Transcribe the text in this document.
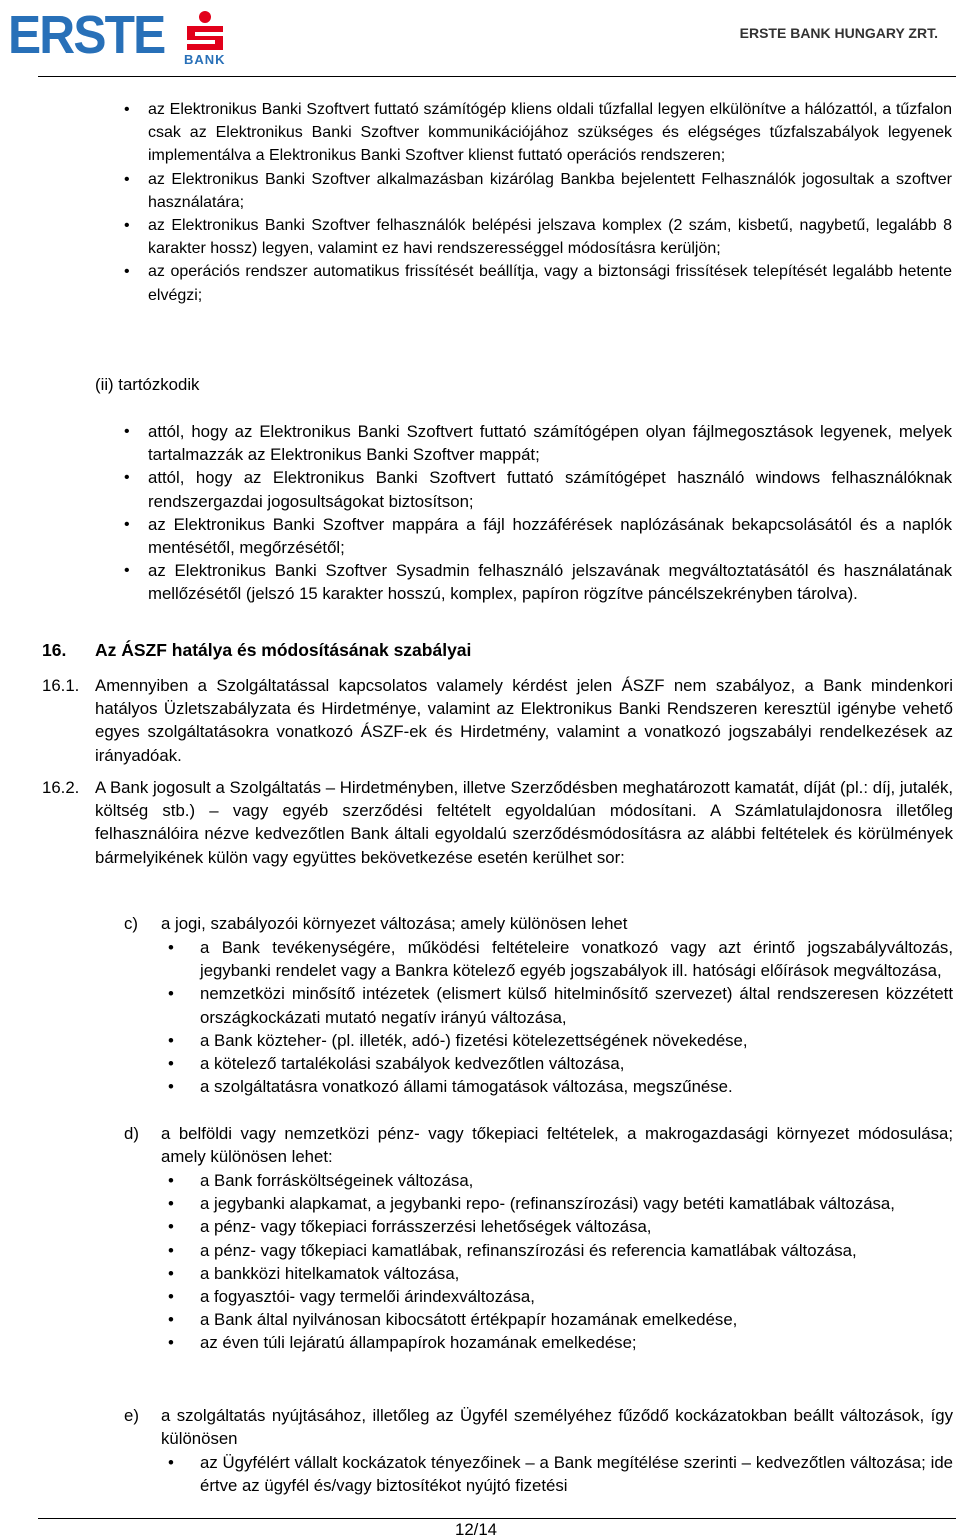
ERSTE BANK
ERSTE BANK HUNGARY ZRT.
• az Elektronikus Banki Szoftvert futtató számítógép kliens oldali tűzfallal legyen elkülönítve a hálózattól, a tűzfalon csak az Elektronikus Banki Szoftver kommunikációjához szükséges és elégséges tűzfalszabályok legyenek implementálva a Elektronikus Banki Szoftver klienst futtató operációs rendszeren;
• az Elektronikus Banki Szoftver alkalmazásban kizárólag Bankba bejelentett Felhasználók jogosultak a szoftver használatára;
• az Elektronikus Banki Szoftver felhasználók belépési jelszava komplex (2 szám, kisbetű, nagybetű, legalább 8 karakter hossz) legyen, valamint ez havi rendszerességgel módosításra kerüljön;
• az operációs rendszer automatikus frissítését beállítja, vagy a biztonsági frissítések telepítését legalább hetente elvégzi;
(ii) tartózkodik
• attól, hogy az Elektronikus Banki Szoftvert futtató számítógépen olyan fájlmegosztások legyenek, melyek tartalmazzák az Elektronikus Banki Szoftver mappát;
• attól, hogy az Elektronikus Banki Szoftvert futtató számítógépet használó windows felhasználóknak rendszergazdai jogosultságokat biztosítson;
• az Elektronikus Banki Szoftver mappára a fájl hozzáférések naplózásának bekapcsolásától és a naplók mentésétől, megőrzésétől;
• az Elektronikus Banki Szoftver Sysadmin felhasználó jelszavának megváltoztatásától és használatának mellőzésétől (jelszó 15 karakter hosszú, komplex, papíron rögzítve páncélszekrényben tárolva).
16. Az ÁSZF hatálya és módosításának szabályai
16.1. Amennyiben a Szolgáltatással kapcsolatos valamely kérdést jelen ÁSZF nem szabályoz, a Bank mindenkori hatályos Üzletszabályzata és Hirdetménye, valamint az Elektronikus Banki Rendszeren keresztül igénybe vehető egyes szolgáltatásokra vonatkozó ÁSZF-ek és Hirdetmény, valamint a vonatkozó jogszabályi rendelkezések az irányadóak.
16.2. A Bank jogosult a Szolgáltatás – Hirdetményben, illetve Szerződésben meghatározott kamatát, díját (pl.: díj, jutalék, költség stb.) – vagy egyéb szerződési feltételt egyoldalúan módosítani. A Számlatulajdonosra illetőleg felhasználóira nézve kedvezőtlen Bank általi egyoldalú szerződésmódosításra az alábbi feltételek és körülmények bármelyikének külön vagy együttes bekövetkezése esetén kerülhet sor:
c) a jogi, szabályozói környezet változása; amely különösen lehet
• a Bank tevékenységére, működési feltételeire vonatkozó vagy azt érintő jogszabályváltozás, jegybanki rendelet vagy a Bankra kötelező egyéb jogszabályok ill. hatósági előírások megváltozása,
• nemzetközi minősítő intézetek (elismert külső hitelminősítő szervezet) által rendszeresen közzétett országkockázati mutató negatív irányú változása,
• a Bank közteher- (pl. illeték, adó-) fizetési kötelezettségének növekedése,
• a kötelező tartalékolási szabályok kedvezőtlen változása,
• a szolgáltatásra vonatkozó állami támogatások változása, megszűnése.
d) a belföldi vagy nemzetközi pénz- vagy tőkepiaci feltételek, a makrogazdasági környezet módosulása; amely különösen lehet:
• a Bank forrásköltségeinek változása,
• a jegybanki alapkamat, a jegybanki repo- (refinanszírozási) vagy betéti kamatlábak változása,
• a pénz- vagy tőkepiaci forrásszerzési lehetőségek változása,
• a pénz- vagy tőkepiaci kamatlábak, refinanszírozási és referencia kamatlábak változása,
• a bankközi hitelkamatok változása,
• a fogyasztói- vagy termelői árindexváltozása,
• a Bank által nyilvánosan kibocsátott értékpapír hozamának emelkedése,
• az éven túli lejáratú állampapírok hozamának emelkedése;
e) a szolgáltatás nyújtásához, illetőleg az Ügyfél személyéhez fűződő kockázatokban beállt változások, így különösen
• az Ügyfélért vállalt kockázatok tényezőinek – a Bank megítélése szerinti – kedvezőtlen változása; ide értve az ügyfél és/vagy biztosítékot nyújtó fizetési
12/14
